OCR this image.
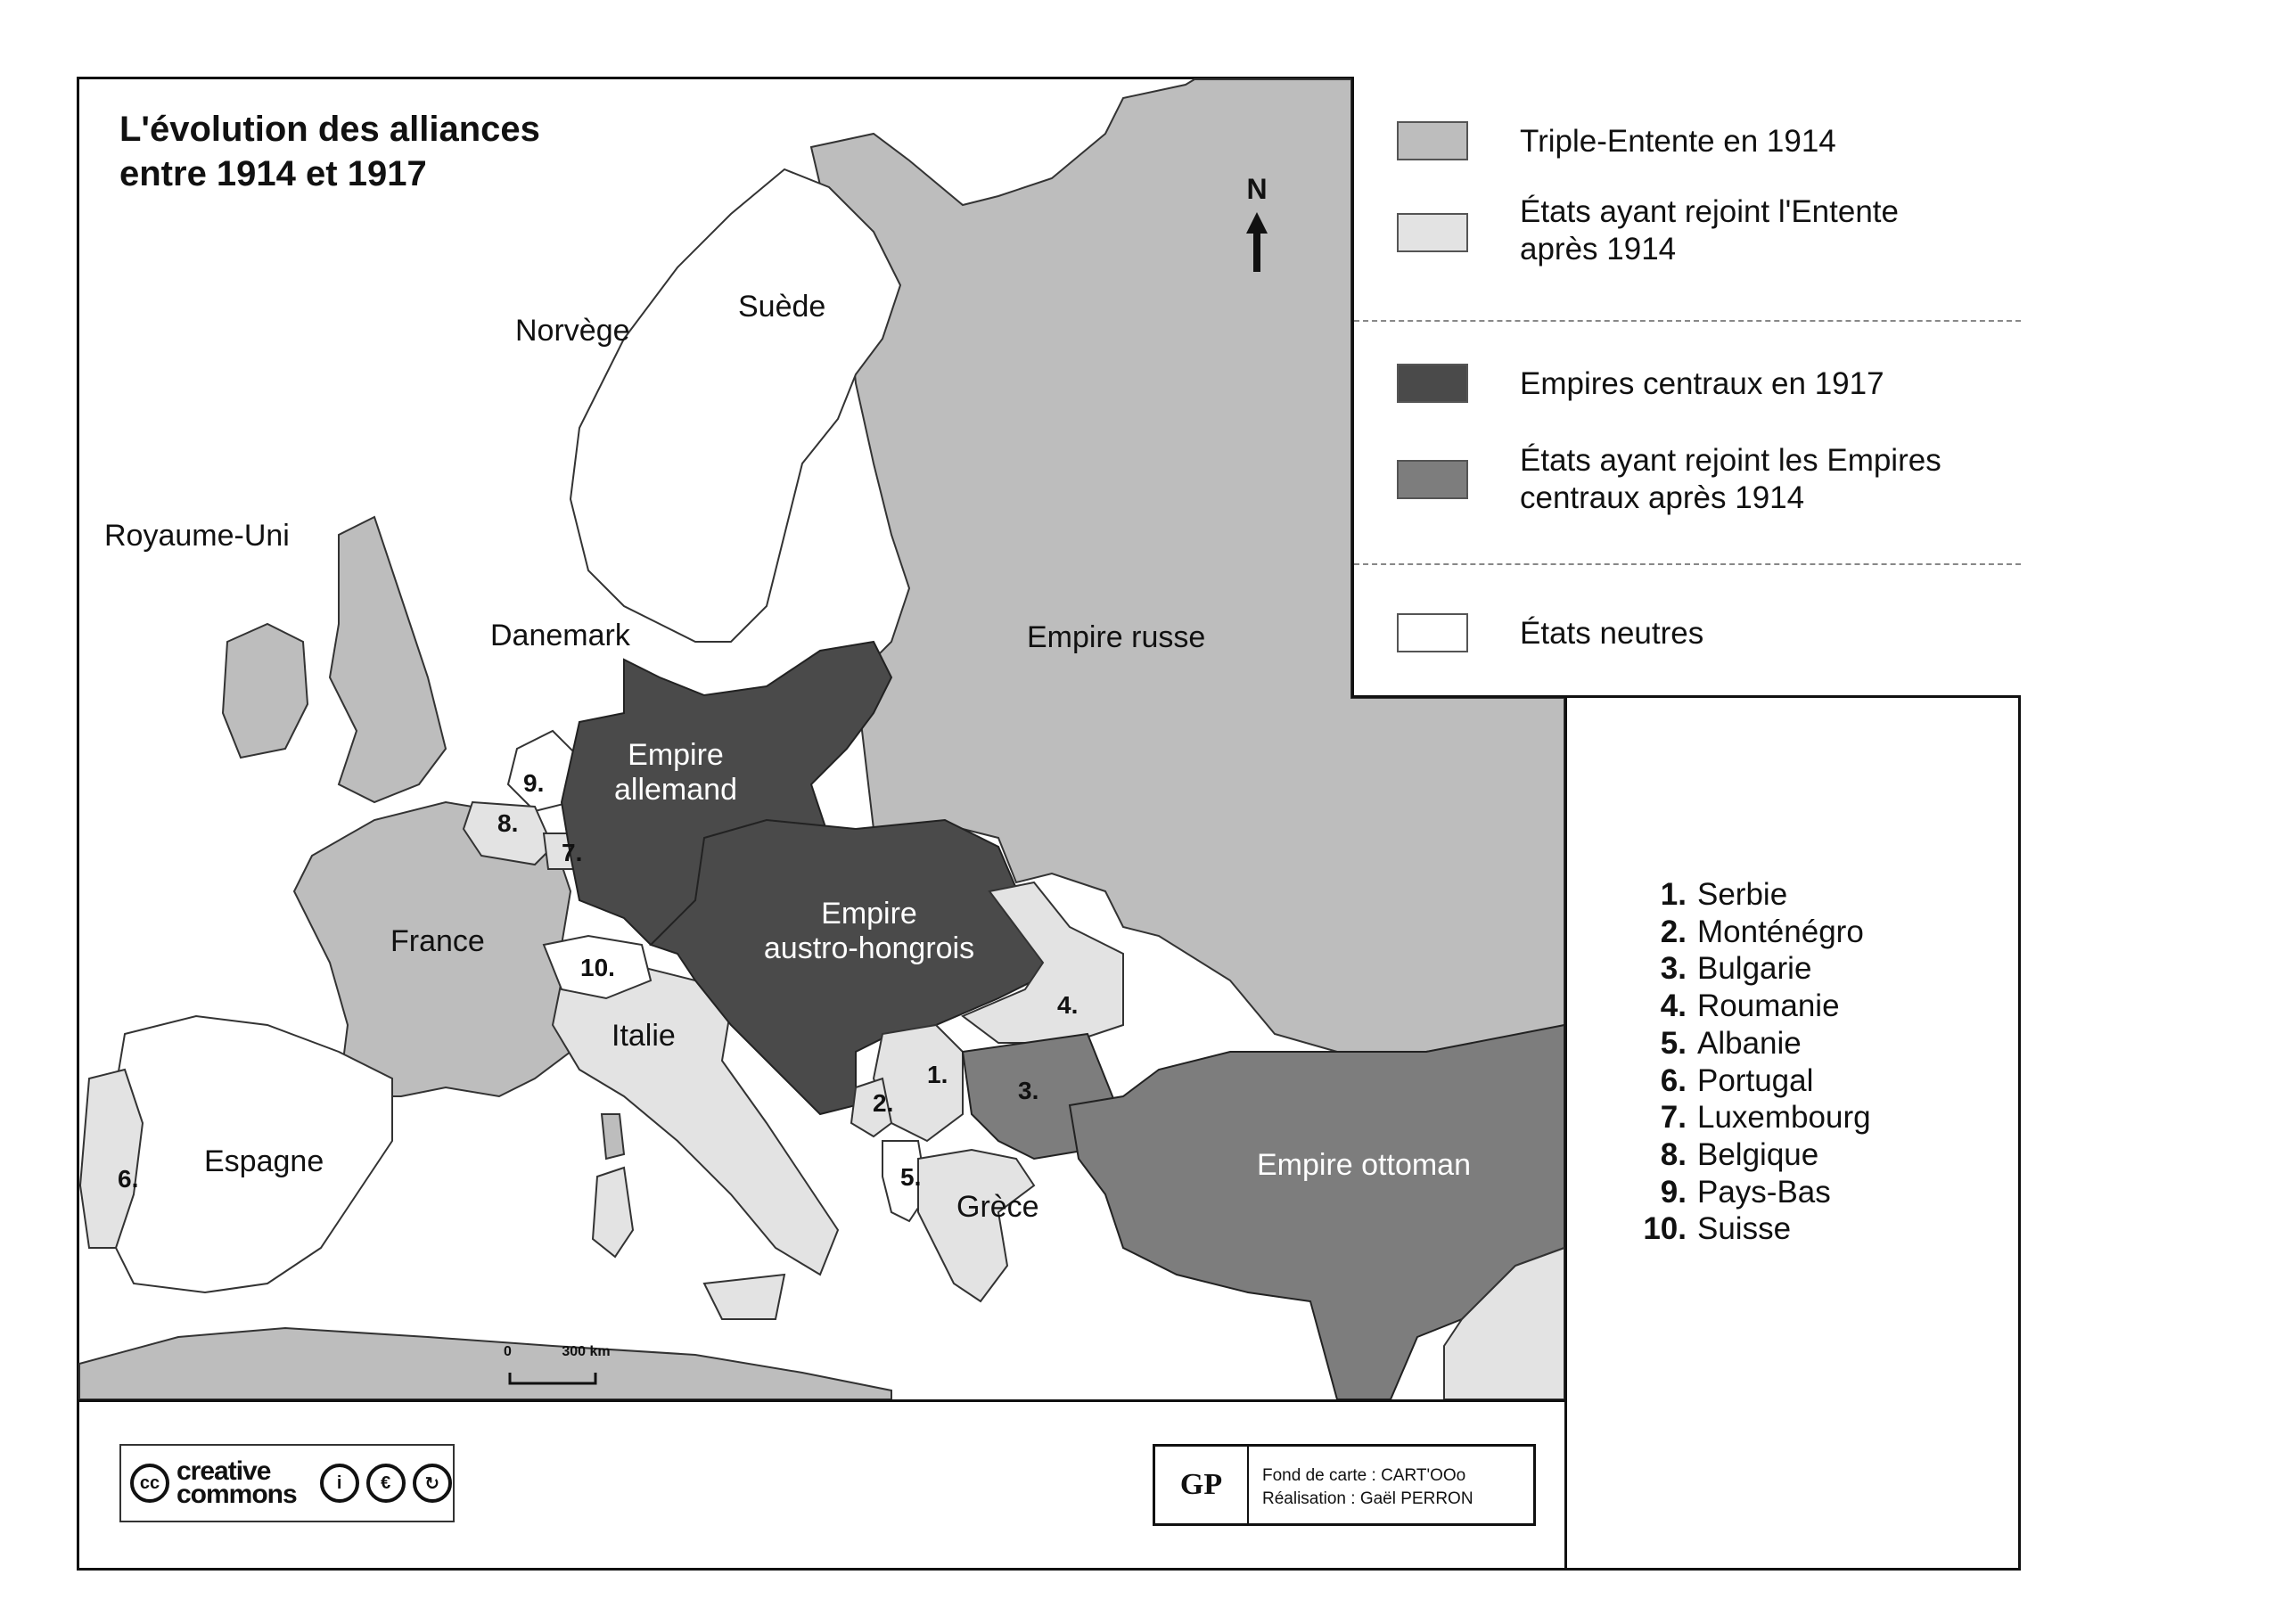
L'évolution des alliances
entre 1914 et 1917
Norvège
Suède
Royaume-Uni
Danemark	Empire russe
Empire
allemand
Empire
austro-hongrois
France
Italie
Espagne
Grèce
Empire ottoman
1.
2.	3.
4.
5.
6.
7.
8.
9.
10.
N
0	300 km
Triple-Entente en 1914
États ayant rejoint l'Entente après 1914
Empires centraux en 1917
États ayant rejoint les Empires centraux après 1914
États neutres
1. Serbie
2. Monténégro
3. Bulgarie
4. Roumanie
5. Albanie
6. Portugal
7. Luxembourg
8. Belgique
9. Pays-Bas
10. Suisse
cc creative
commons	i	€	↻	GP	Fond de carte : CART'OOo
Réalisation : Gaël PERRON
